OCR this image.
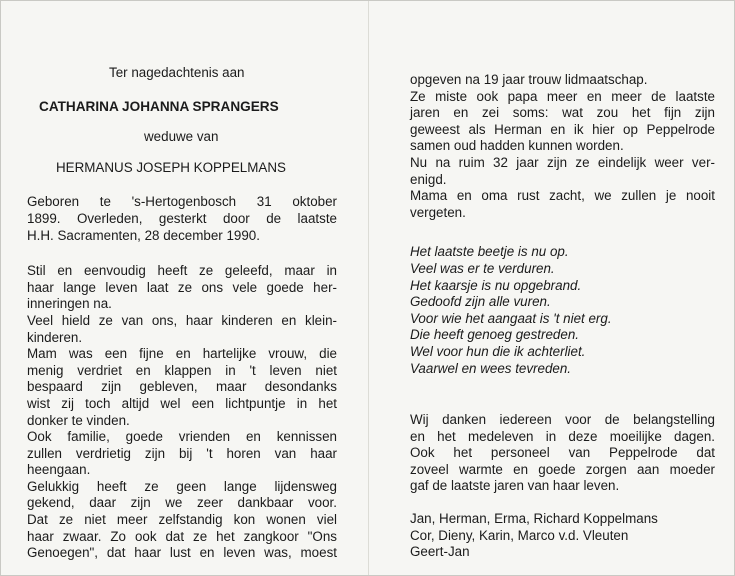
Ter nagedachtenis aan
CATHARINA JOHANNA SPRANGERS
weduwe van
HERMANUS JOSEPH KOPPELMANS
Geboren te 's-Hertogenbosch 31 oktober
1899. Overleden, gesterkt door de laatste
H.H. Sacramenten, 28 december 1990.
Stil en eenvoudig heeft ze geleefd, maar in
haar lange leven laat ze ons vele goede her-
inneringen na.
Veel hield ze van ons, haar kinderen en klein-
kinderen.
Mam was een fijne en hartelijke vrouw, die
menig verdriet en klappen in 't leven niet
bespaard zijn gebleven, maar desondanks
wist zij toch altijd wel een lichtpuntje in het
donker te vinden.
Ook familie, goede vrienden en kennissen
zullen verdrietig zijn bij 't horen van haar
heengaan.
Gelukkig heeft ze geen lange lijdensweg
gekend, daar zijn we zeer dankbaar voor.
Dat ze niet meer zelfstandig kon wonen viel
haar zwaar. Zo ook dat ze het zangkoor "Ons
Genoegen", dat haar lust en leven was, moest
opgeven na 19 jaar trouw lidmaatschap.
Ze miste ook papa meer en meer de laatste
jaren en zei soms: wat zou het fijn zijn
geweest als Herman en ik hier op Peppelrode
samen oud hadden kunnen worden.
Nu na ruim 32 jaar zijn ze eindelijk weer ver-
enigd.
Mama en oma rust zacht, we zullen je nooit
vergeten.
Het laatste beetje is nu op.
Veel was er te verduren.
Het kaarsje is nu opgebrand.
Gedoofd zijn alle vuren.
Voor wie het aangaat is 't niet erg.
Die heeft genoeg gestreden.
Wel voor hun die ik achterliet.
Vaarwel en wees tevreden.
Wij danken iedereen voor de belangstelling
en het medeleven in deze moeilijke dagen.
Ook het personeel van Peppelrode dat
zoveel warmte en goede zorgen aan moeder
gaf de laatste jaren van haar leven.
Jan, Herman, Erma, Richard Koppelmans
Cor, Dieny, Karin, Marco v.d. Vleuten
Geert-Jan
